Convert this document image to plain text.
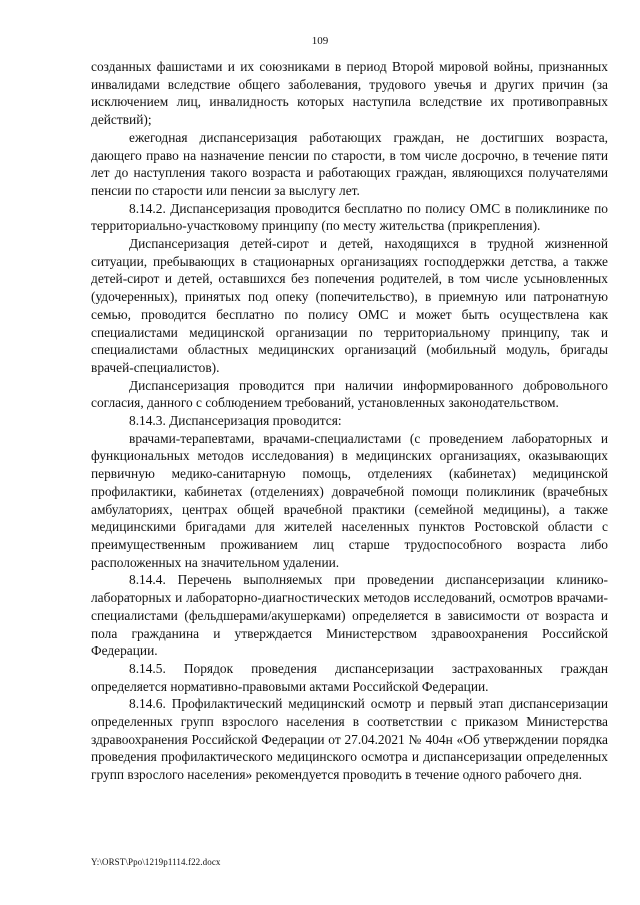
109

созданных фашистами и их союзниками в период Второй мировой войны, признанных инвалидами вследствие общего заболевания, трудового увечья и других причин (за исключением лиц, инвалидность которых наступила вследствие их противоправных действий);

ежегодная диспансеризация работающих граждан, не достигших возраста, дающего право на назначение пенсии по старости, в том числе досрочно, в течение пяти лет до наступления такого возраста и работающих граждан, являющихся получателями пенсии по старости или пенсии за выслугу лет.

8.14.2. Диспансеризация проводится бесплатно по полису ОМС в поликлинике по территориально-участковому принципу (по месту жительства (прикрепления).

Диспансеризация детей-сирот и детей, находящихся в трудной жизненной ситуации, пребывающих в стационарных организациях господдержки детства, а также детей-сирот и детей, оставшихся без попечения родителей, в том числе усыновленных (удочеренных), принятых под опеку (попечительство), в приемную или патронатную семью, проводится бесплатно по полису ОМС и может быть осуществлена как специалистами медицинской организации по территориальному принципу, так и специалистами областных медицинских организаций (мобильный модуль, бригады врачей-специалистов).

Диспансеризация проводится при наличии информированного добровольного согласия, данного с соблюдением требований, установленных законодательством.

8.14.3. Диспансеризация проводится:

врачами-терапевтами, врачами-специалистами (с проведением лабораторных и функциональных методов исследования) в медицинских организациях, оказывающих первичную медико-санитарную помощь, отделениях (кабинетах) медицинской профилактики, кабинетах (отделениях) доврачебной помощи поликлиник (врачебных амбулаториях, центрах общей врачебной практики (семейной медицины), а также медицинскими бригадами для жителей населенных пунктов Ростовской области с преимущественным проживанием лиц старше трудоспособного возраста либо расположенных на значительном удалении.

8.14.4. Перечень выполняемых при проведении диспансеризации клинико-лабораторных и лабораторно-диагностических методов исследований, осмотров врачами-специалистами (фельдшерами/акушерками) определяется в зависимости от возраста и пола гражданина и утверждается Министерством здравоохранения Российской Федерации.

8.14.5. Порядок проведения диспансеризации застрахованных граждан определяется нормативно-правовыми актами Российской Федерации.

8.14.6. Профилактический медицинский осмотр и первый этап диспансеризации определенных групп взрослого населения в соответствии с приказом Министерства здравоохранения Российской Федерации от 27.04.2021 № 404н «Об утверждении порядка проведения профилактического медицинского осмотра и диспансеризации определенных групп взрослого населения» рекомендуется проводить в течение одного рабочего дня.

Y:\ORST\Ppo\1219p1114.f22.docx
